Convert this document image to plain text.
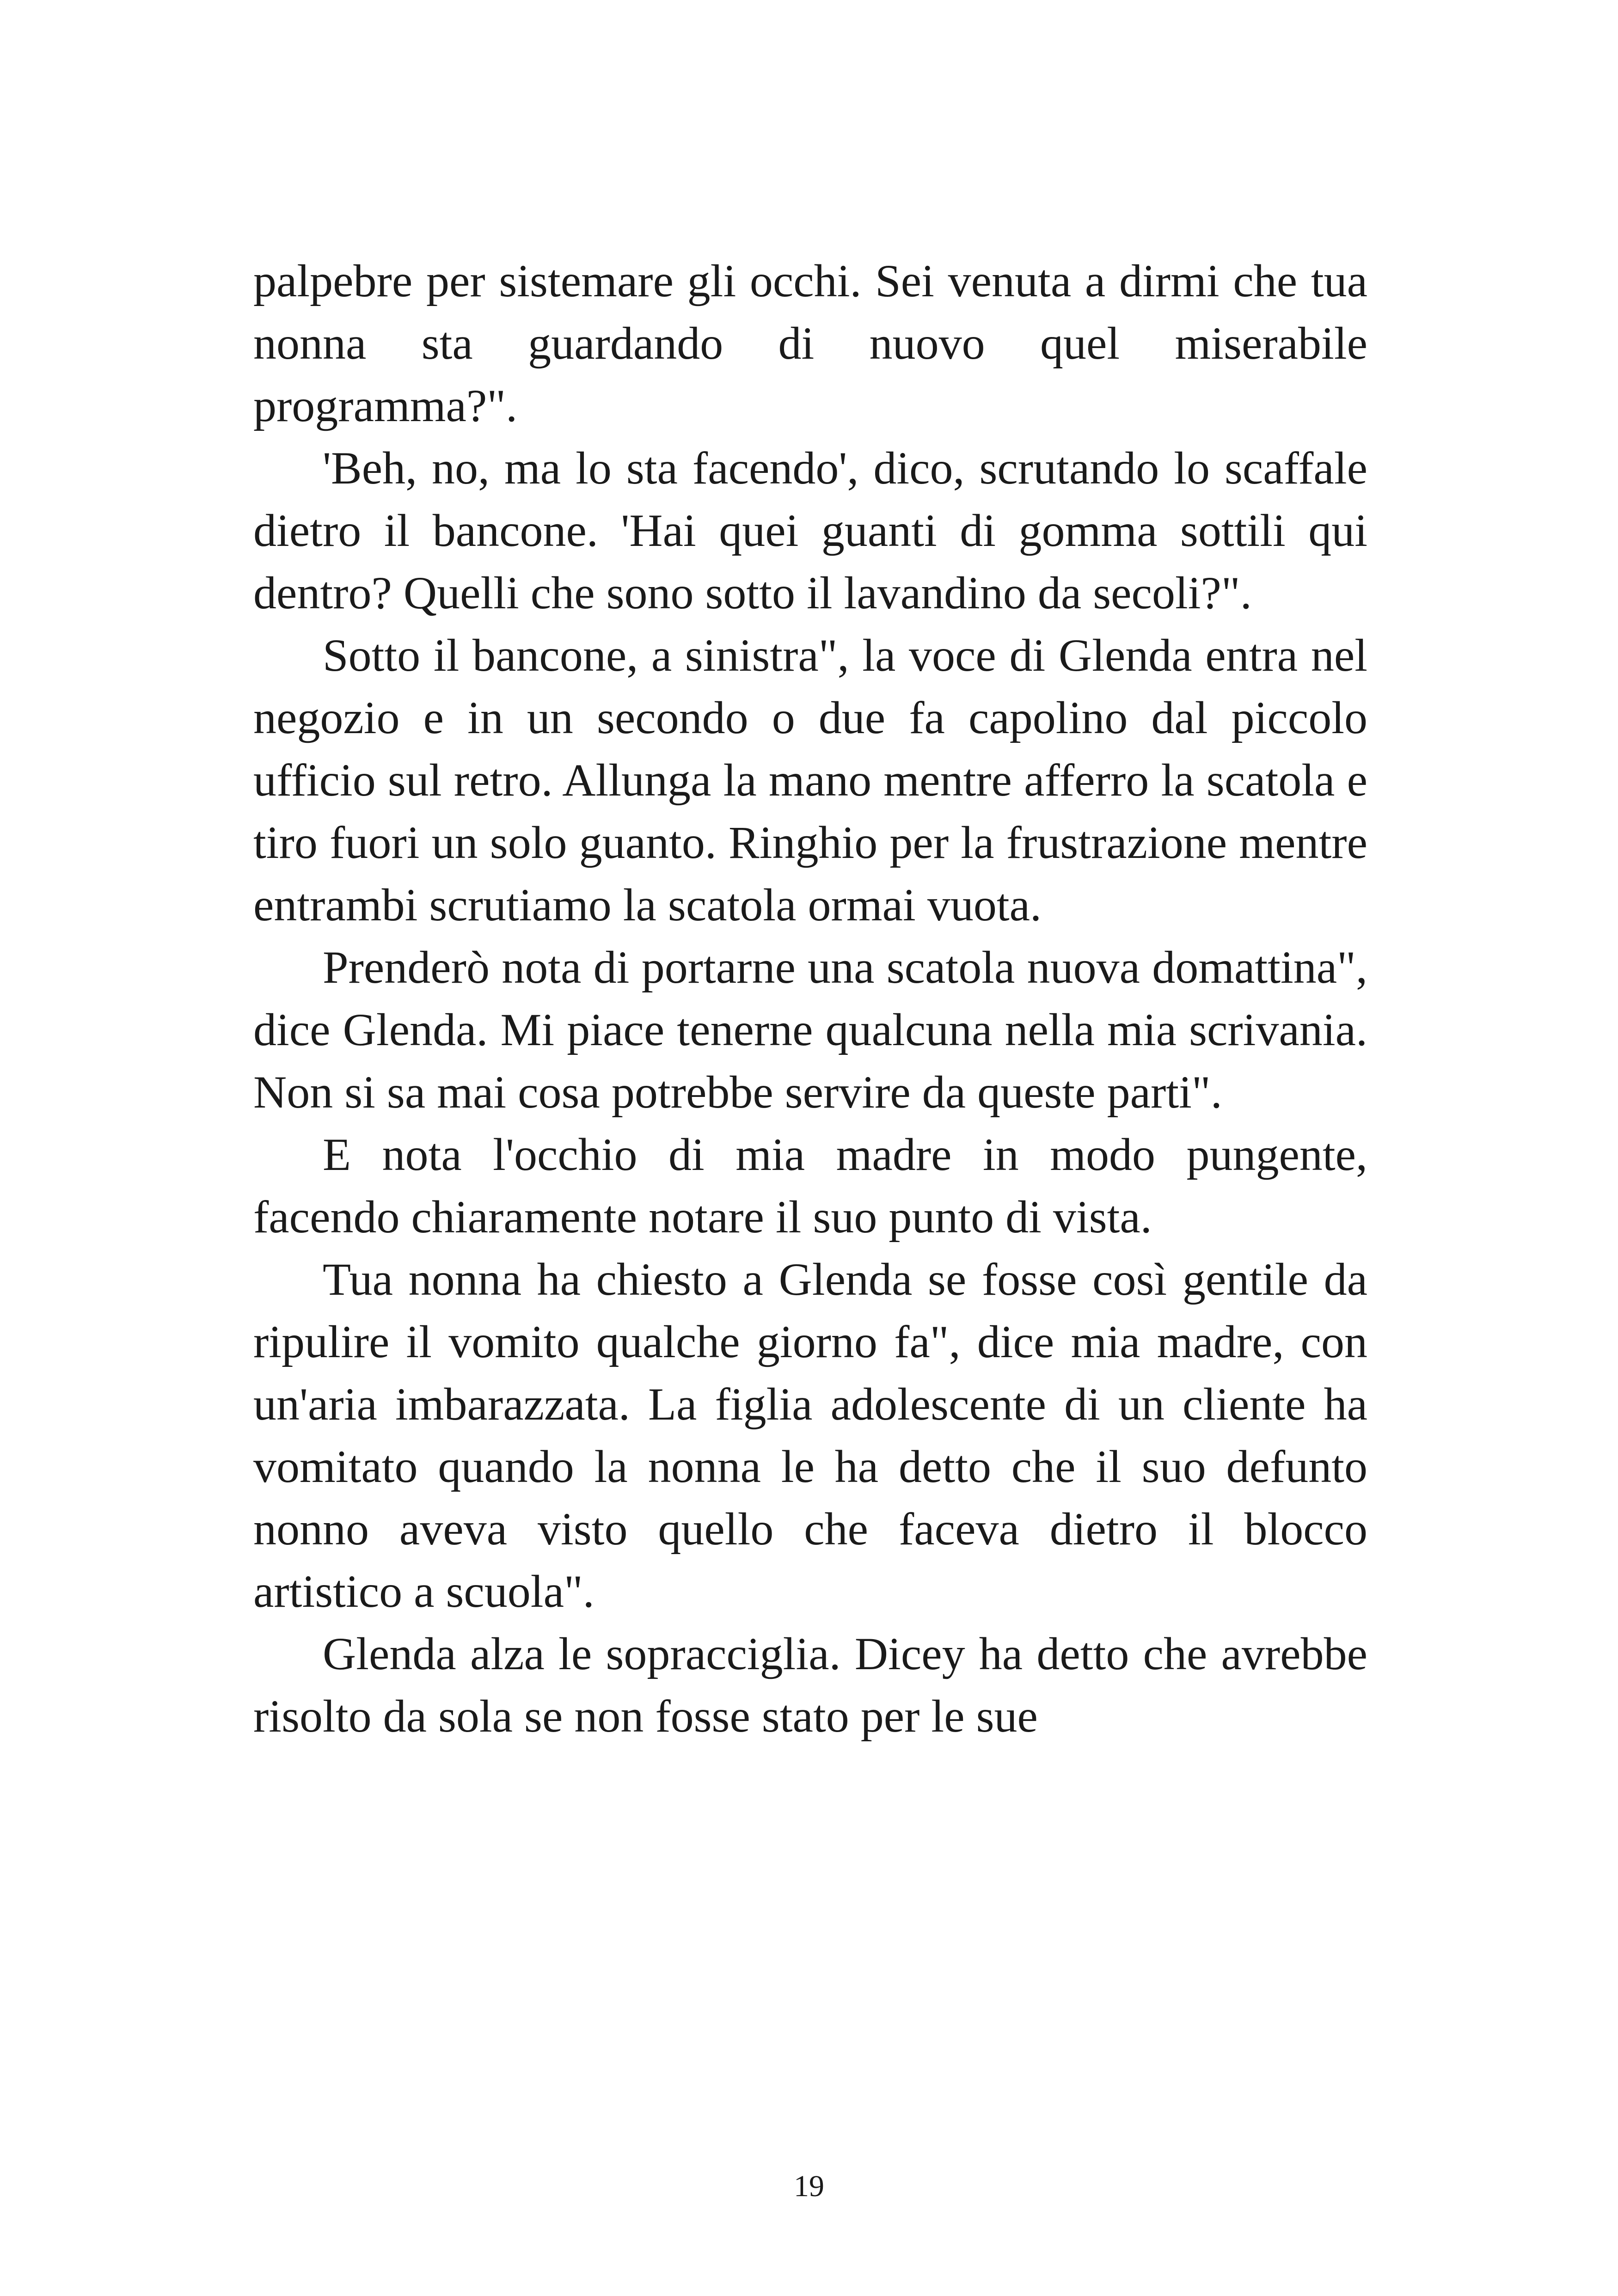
palpebre per sistemare gli occhi. Sei venuta a dirmi che tua nonna sta guardando di nuovo quel miserabile programma?".

'Beh, no, ma lo sta facendo', dico, scrutando lo scaffale dietro il bancone. 'Hai quei guanti di gomma sottili qui dentro? Quelli che sono sotto il lavandino da secoli?".

Sotto il bancone, a sinistra", la voce di Glenda entra nel negozio e in un secondo o due fa capolino dal piccolo ufficio sul retro. Allunga la mano mentre afferro la scatola e tiro fuori un solo guanto. Ringhio per la frustrazione mentre entrambi scrutiamo la scatola ormai vuota.

Prenderò nota di portarne una scatola nuova domattina", dice Glenda. Mi piace tenerne qualcuna nella mia scrivania. Non si sa mai cosa potrebbe servire da queste parti".

E nota l'occhio di mia madre in modo pungente, facendo chiaramente notare il suo punto di vista.

Tua nonna ha chiesto a Glenda se fosse così gentile da ripulire il vomito qualche giorno fa", dice mia madre, con un'aria imbarazzata. La figlia adolescente di un cliente ha vomitato quando la nonna le ha detto che il suo defunto nonno aveva visto quello che faceva dietro il blocco artistico a scuola".

Glenda alza le sopracciglia. Dicey ha detto che avrebbe risolto da sola se non fosse stato per le sue

19
